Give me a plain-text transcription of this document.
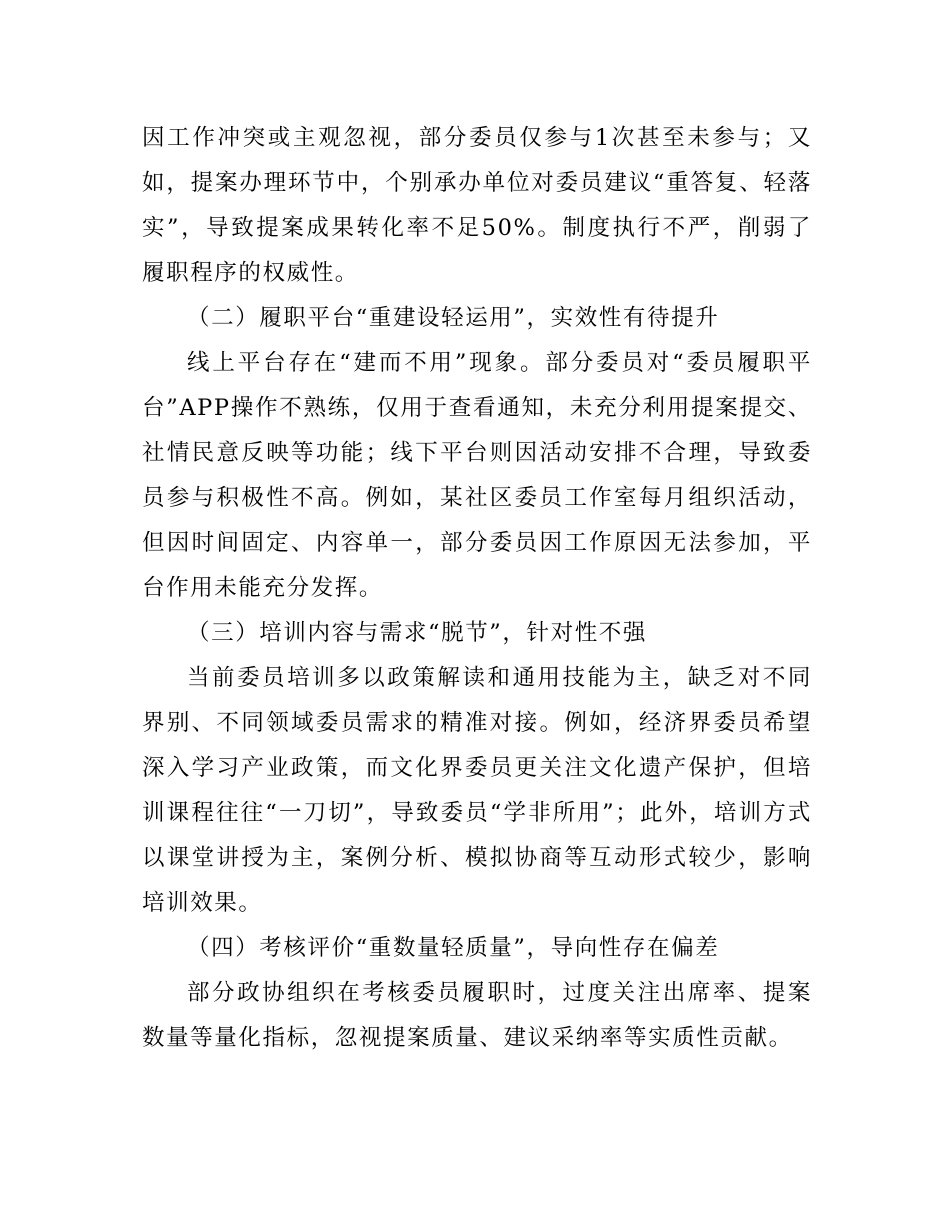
因工作冲突或主观忽视，部分委员仅参与1次甚至未参与；又如，提案办理环节中，个别承办单位对委员建议“重答复、轻落实”，导致提案成果转化率不足50%。制度执行不严，削弱了履职程序的权威性。

（二）履职平台“重建设轻运用”，实效性有待提升

线上平台存在“建而不用”现象。部分委员对“委员履职平台”APP操作不熟练，仅用于查看通知，未充分利用提案提交、社情民意反映等功能；线下平台则因活动安排不合理，导致委员参与积极性不高。例如，某社区委员工作室每月组织活动，但因时间固定、内容单一，部分委员因工作原因无法参加，平台作用未能充分发挥。

（三）培训内容与需求“脱节”，针对性不强

当前委员培训多以政策解读和通用技能为主，缺乏对不同界别、不同领域委员需求的精准对接。例如，经济界委员希望深入学习产业政策，而文化界委员更关注文化遗产保护，但培训课程往往“一刀切”，导致委员“学非所用”；此外，培训方式以课堂讲授为主，案例分析、模拟协商等互动形式较少，影响培训效果。

（四）考核评价“重数量轻质量”，导向性存在偏差

部分政协组织在考核委员履职时，过度关注出席率、提案数量等量化指标，忽视提案质量、建议采纳率等实质性贡献。
